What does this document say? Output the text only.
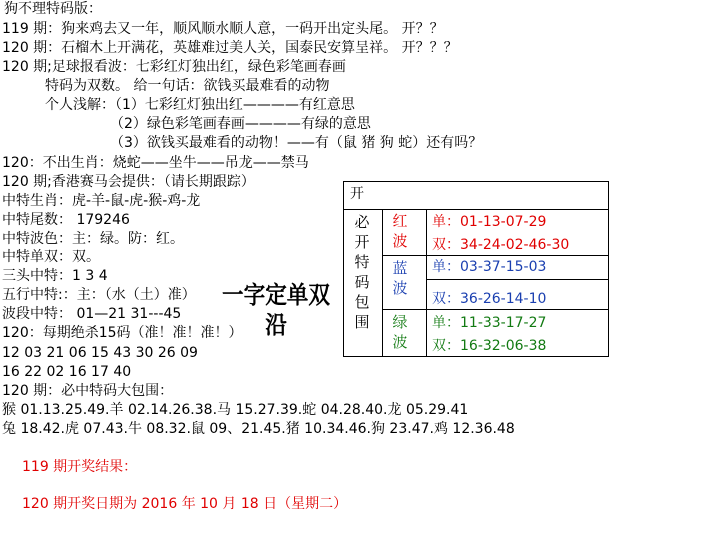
狗不理特码版：
119 期：狗来鸡去又一年，顺风顺水顺人意，一码开出定头尾。 开？？
120 期：石榴木上开满花，英雄难过美人关，国泰民安算呈祥。 开？？？
120 期;足球报看波：七彩红灯独出红，绿色彩笔画春画
特码为双数。 给一句话：欲钱买最难看的动物
个人浅解：（1）七彩红灯独出红————有红意思
（2）绿色彩笔画春画————有绿的意思
（3）欲钱买最难看的动物！——有（鼠 猪 狗 蛇）还有吗？
120：不出生肖：烧蛇——坐牛——吊龙——禁马
120 期;香港赛马会提供：（请长期跟踪）
中特生肖：虎-羊-鼠-虎-猴-鸡-龙
中特尾数： 179246
中特波色：主：绿。防：红。
中特单双：双。
三头中特：1 3 4
五行中特:：主：（水（土）准）
波段中特： 01—21 31---45
120：每期绝杀15码（准！准！准！）
12 03 21 06 15 43 30 26 09
16 22 02 16 17 40
120 期：必中特码大包围：
猴 01.13.25.49.羊 02.14.26.38.马 15.27.39.蛇 04.28.40.龙 05.29.41
兔 18.42.虎 07.43.牛 08.32.鼠 09、21.45.猪 10.34.46.狗 23.47.鸡 12.36.48
一字定单双
沿
开
必
开
特
码
包
围
红
波
单：01-13-07-29
双：34-24-02-46-30
蓝
波
单：03-37-15-03
双：36-26-14-10
绿
波
单：11-33-17-27
双：16-32-06-38
119 期开奖结果：
120 期开奖日期为 2016 年 10 月 18 日（星期二）
